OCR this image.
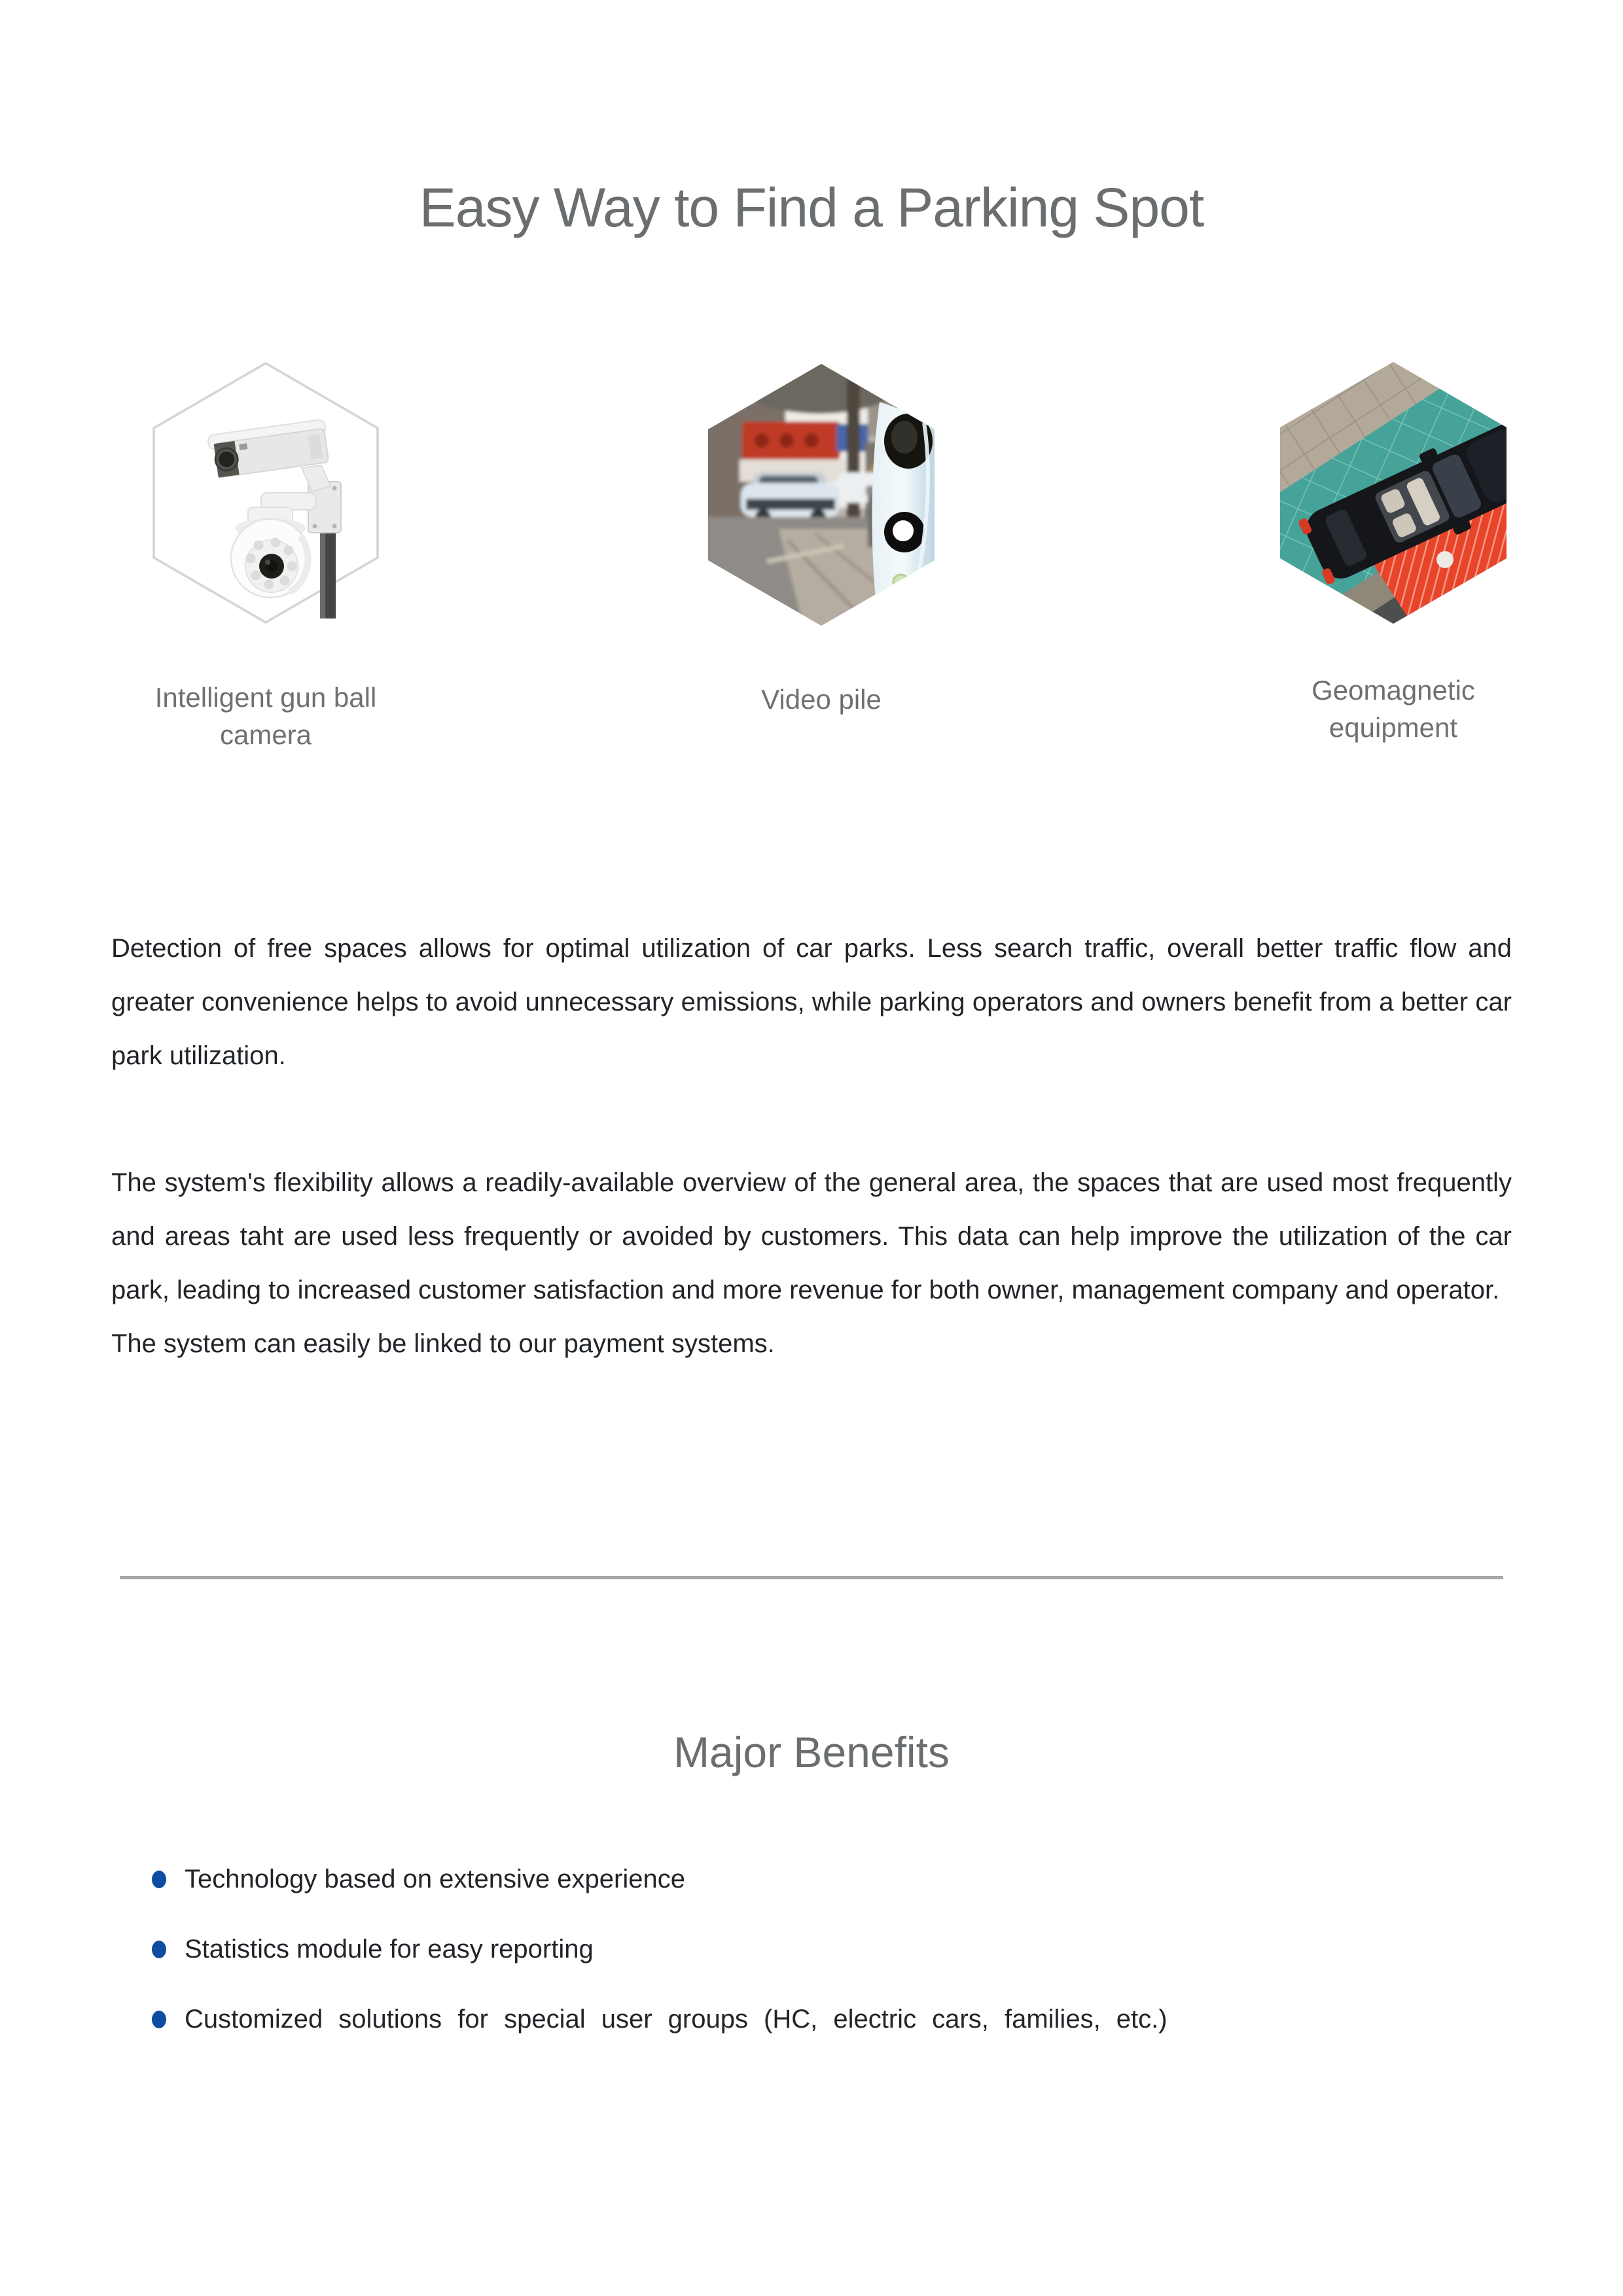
Easy Way to Find a Parking Spot
Intelligent gun ball camera
Video pile	Geomagnetic equipment

Detection of free spaces allows for optimal utilization of car parks. Less search traffic, overall better traffic flow and greater convenience helps to avoid unnecessary emissions, while parking operators and owners benefit from a better car park utilization.

The system's flexibility allows a readily-available overview of the general area, the spaces that are used most frequently and areas taht are used less frequently or avoided by customers. This data can help improve the utilization of the car park, leading to increased customer satisfaction and more revenue for both owner, management company and operator.

The system can easily be linked to our payment systems.

Major Benefits
Technology based on extensive experience
Statistics module for easy reporting
Customized solutions for special user groups (HC, electric cars, families, etc.)
